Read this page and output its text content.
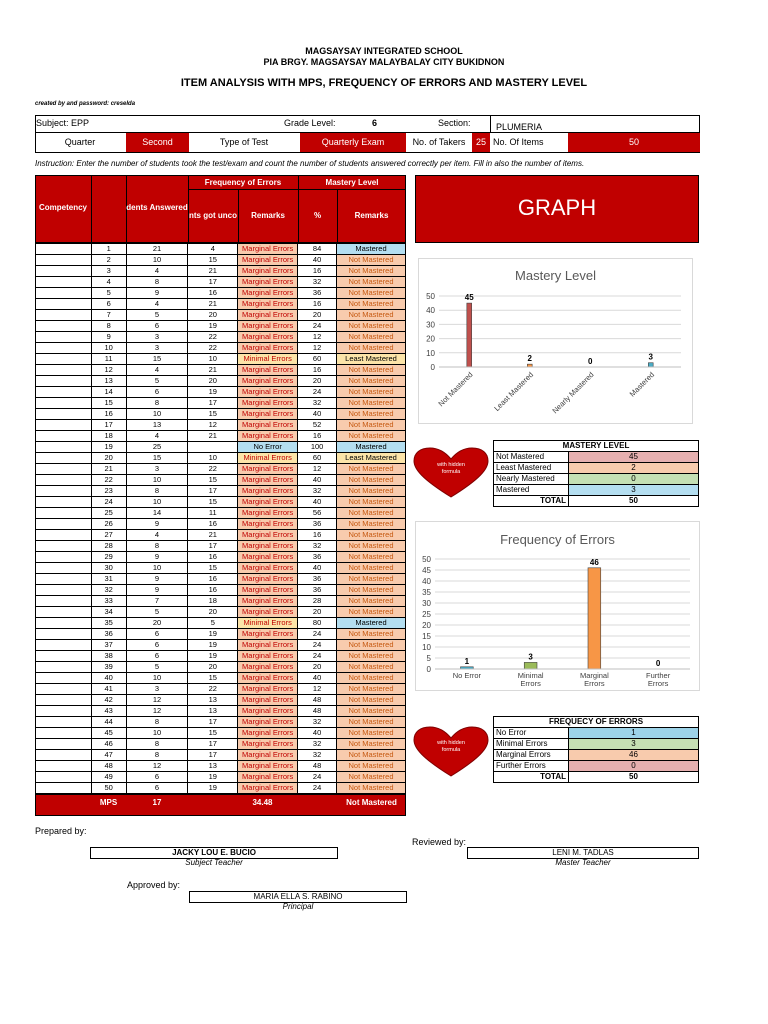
MAGSAYSAY INTEGRATED SCHOOL
PIA BRGY. MAGSAYSAY MALAYBALAY CITY BUKIDNON
ITEM ANALYSIS WITH MPS, FREQUENCY OF ERRORS AND MASTERY LEVEL
created by and password: creselda
Subject: EPP	Grade Level:	6	Section:	PLUMERIA
Quarter	Second	Type of Test	Quarterly Exam	No. of Takers	25 No. Of Items	50
Instruction: Enter the number of students took the test/exam and count the number of students answered correctly per item. Fill in also the number of items.
Competency	dents Answered
Frequency of Errors	Mastery Level
nts got unco	Remarks	%	Remarks
	1	21	4	Marginal Errors	84	Mastered
	2	10	15	Marginal Errors	40	Not Mastered
	3	4	21	Marginal Errors	16	Not Mastered
	4	8	17	Marginal Errors	32	Not Mastered
	5	9	16	Marginal Errors	36	Not Mastered
	6	4	21	Marginal Errors	16	Not Mastered
	7	5	20	Marginal Errors	20	Not Mastered
	8	6	19	Marginal Errors	24	Not Mastered
	9	3	22	Marginal Errors	12	Not Mastered
	10	3	22	Marginal Errors	12	Not Mastered
	11	15	10	Minimal Errors	60	Least Mastered
	12	4	21	Marginal Errors	16	Not Mastered
	13	5	20	Marginal Errors	20	Not Mastered
	14	6	19	Marginal Errors	24	Not Mastered
	15	8	17	Marginal Errors	32	Not Mastered
	16	10	15	Marginal Errors	40	Not Mastered
	17	13	12	Marginal Errors	52	Not Mastered
	18	4	21	Marginal Errors	16	Not Mastered
	19	25		No Error	100	Mastered
	20	15	10	Minimal Errors	60	Least Mastered
	21	3	22	Marginal Errors	12	Not Mastered
	22	10	15	Marginal Errors	40	Not Mastered
	23	8	17	Marginal Errors	32	Not Mastered
	24	10	15	Marginal Errors	40	Not Mastered
	25	14	11	Marginal Errors	56	Not Mastered
	26	9	16	Marginal Errors	36	Not Mastered
	27	4	21	Marginal Errors	16	Not Mastered
	28	8	17	Marginal Errors	32	Not Mastered
	29	9	16	Marginal Errors	36	Not Mastered
	30	10	15	Marginal Errors	40	Not Mastered
	31	9	16	Marginal Errors	36	Not Mastered
	32	9	16	Marginal Errors	36	Not Mastered
	33	7	18	Marginal Errors	28	Not Mastered
	34	5	20	Marginal Errors	20	Not Mastered
	35	20	5	Minimal Errors	80	Mastered
	36	6	19	Marginal Errors	24	Not Mastered
	37	6	19	Marginal Errors	24	Not Mastered
	38	6	19	Marginal Errors	24	Not Mastered
	39	5	20	Marginal Errors	20	Not Mastered
	40	10	15	Marginal Errors	40	Not Mastered
	41	3	22	Marginal Errors	12	Not Mastered
	42	12	13	Marginal Errors	48	Not Mastered
	43	12	13	Marginal Errors	48	Not Mastered
	44	8	17	Marginal Errors	32	Not Mastered
	45	10	15	Marginal Errors	40	Not Mastered
	46	8	17	Marginal Errors	32	Not Mastered
	47	8	17	Marginal Errors	32	Not Mastered
	48	12	13	Marginal Errors	48	Not Mastered
	49	6	19	Marginal Errors	24	Not Mastered
	50	6	19	Marginal Errors	24	Not Mastered
MPS	17	34.48	Not Mastered
GRAPH
Mastery Level
0
10
20
30
40
50	45
Not Mastered
2
Least Mastered
0
Nearly Mastered
3
Mastered
with hidden
formula
MASTERY LEVEL	
Not Mastered	45
Least Mastered	2
Nearly Mastered	0
Mastered	3
TOTAL	50
Frequency of Errors
0
5
10
15
20
25
30
35
40
45
50
1
No Error
3
Minimal
Errors
46
Marginal
Errors
0
Further
Errors
with hidden
formula
FREQUECY OF ERRORS	
No Error	1
Minimal Errors	3
Marginal Errors	46
Further Errors	0
TOTAL	50
Prepared by:
Reviewed by:
JACKY LOU E. BUCIO
Subject Teacher
LENI M. TADLAS
Master Teacher
Approved by:
MARIA ELLA S. RABINO
Principal
